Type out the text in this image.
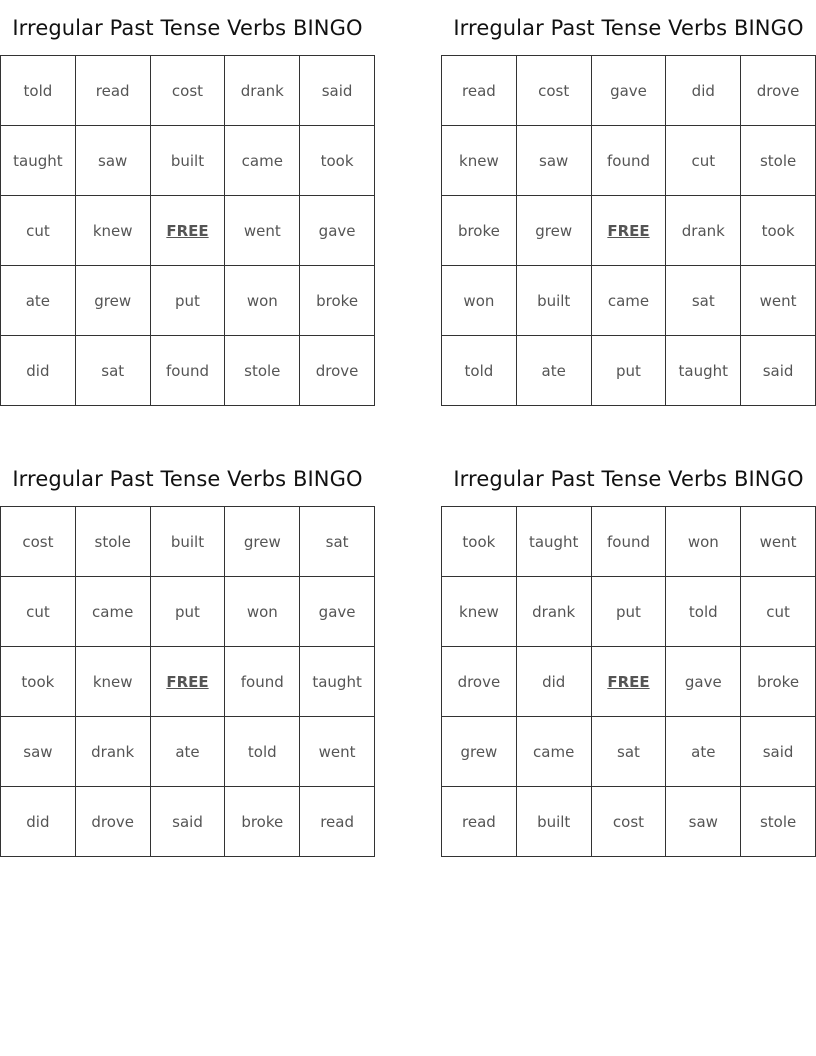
Irregular Past Tense Verbs BINGO
told	read	cost	drank	said
taught	saw	built	came	took
cut	knew	FREE	went	gave
ate	grew	put	won	broke
did	sat	found	stole	drove
Irregular Past Tense Verbs BINGO
read	cost	gave	did	drove
knew	saw	found	cut	stole
broke	grew	FREE	drank	took
won	built	came	sat	went
told	ate	put	taught	said
Irregular Past Tense Verbs BINGO
cost	stole	built	grew	sat
cut	came	put	won	gave
took	knew	FREE	found	taught
saw	drank	ate	told	went
did	drove	said	broke	read
Irregular Past Tense Verbs BINGO
took	taught	found	won	went
knew	drank	put	told	cut
drove	did	FREE	gave	broke
grew	came	sat	ate	said
read	built	cost	saw	stole
